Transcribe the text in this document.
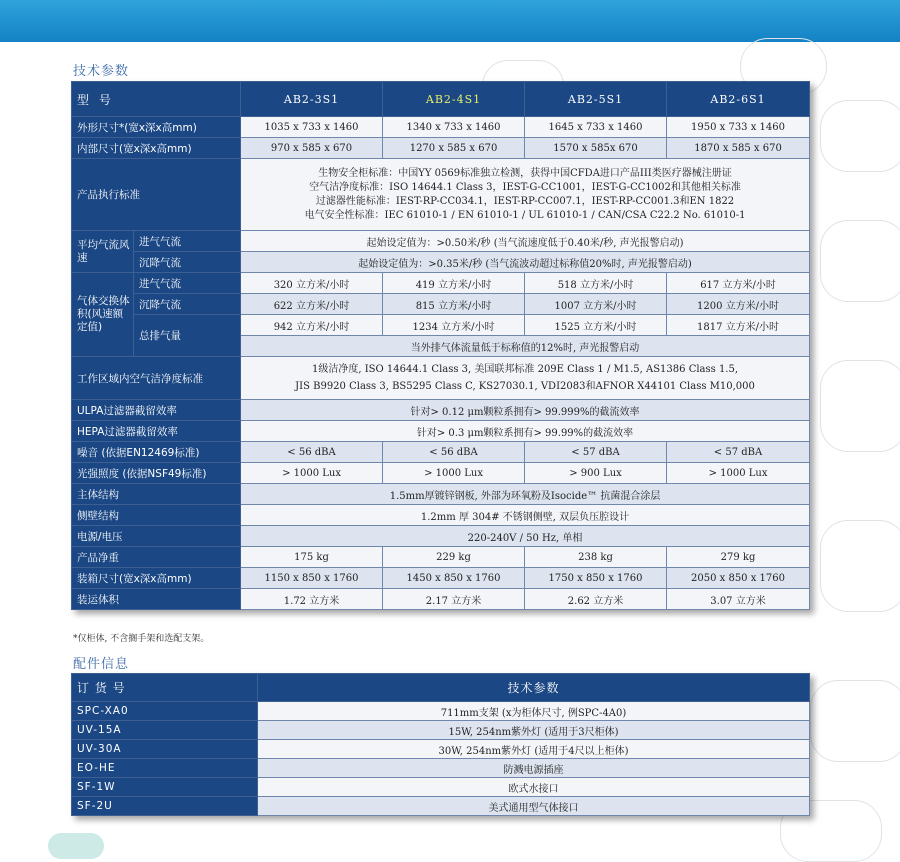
技术参数
型 号		AB2-3S1	AB2-4S1	AB2-5S1	AB2-6S1
外形尺寸*(宽x深x高mm)		1035 x 733 x 1460	1340 x 733 x 1460	1645 x 733 x 1460	1950 x 733 x 1460
内部尺寸(宽x深x高mm)		970 x 585 x 670	1270 x 585 x 670	1570 x 585x 670	1870 x 585 x 670
产品执行标准		生物安全柜标准：中国YY 0569标准独立检测，获得中国CFDA进口产品III类医疗器械注册证
空气洁净度标准：ISO 14644.1 Class 3，IEST-G-CC1001，IEST-G-CC1002和其他相关标准
过滤器性能标准：IEST-RP-CC034.1，IEST-RP-CC007.1，IEST-RP-CC001.3和EN 1822
电气安全性标准：IEC 61010-1 / EN 61010-1 / UL 61010-1 / CAN/CSA C22.2 No. 61010-1			

平均气流风速	进气气流	起始设定值为：>0.50米/秒 (当气流速度低于0.40米/秒, 声光报警启动)			
	沉降气流	起始设定值为：>0.35米/秒 (当气流波动超过标称值20%时, 声光报警启动)			
气体交换体积(风速额定值)	进气气流	320 立方米/小时	419 立方米/小时	518 立方米/小时	617 立方米/小时
	沉降气流	622 立方米/小时	815 立方米/小时	1007 立方米/小时	1200 立方米/小时
	总排气量	942 立方米/小时	1234 立方米/小时	1525 立方米/小时	1817 立方米/小时
		当外排气体流量低于标称值的12%时, 声光报警启动			
工作区域内空气洁净度标准		1级洁净度, ISO 14644.1 Class 3, 美国联邦标准 209E Class 1 / M1.5, AS1386 Class 1.5,
JIS B9920 Class 3, BS5295 Class C, KS27030.1, VDI2083和AFNOR X44101 Class M10,000			

ULPA过滤器截留效率		针对> 0.12 μm颗粒系拥有> 99.999%的截流效率			
HEPA过滤器截留效率		针对> 0.3 μm颗粒系拥有> 99.99%的截流效率			
噪音 (依据EN12469标准)		< 56 dBA	< 56 dBA	< 57 dBA	< 57 dBA
光强照度 (依据NSF49标准)		> 1000 Lux	> 1000 Lux	> 900 Lux	> 1000 Lux
主体结构		1.5mm厚镀锌钢板, 外部为环氧粉及Isocide™ 抗菌混合涂层			
侧壁结构		1.2mm 厚 304# 不锈钢侧壁, 双层负压腔设计			
电源/电压		220-240V / 50 Hz, 单相			
产品净重		175 kg	229 kg	238 kg	279 kg
装箱尺寸(宽x深x高mm)		1150 x 850 x 1760	1450 x 850 x 1760	1750 x 850 x 1760	2050 x 850 x 1760
装运体积		1.72 立方米	2.17 立方米	2.62 立方米	3.07 立方米
*仅柜体, 不含搁手架和选配支架。
配件信息
订 货 号	技术参数
SPC-XA0	711mm支架 (x为柜体尺寸, 例SPC-4A0)
UV-15A	15W, 254nm紫外灯 (适用于3尺柜体)
UV-30A	30W, 254nm紫外灯 (适用于4尺以上柜体)
EO-HE	防溅电源插座
SF-1W	欧式水接口
SF-2U	美式通用型气体接口
